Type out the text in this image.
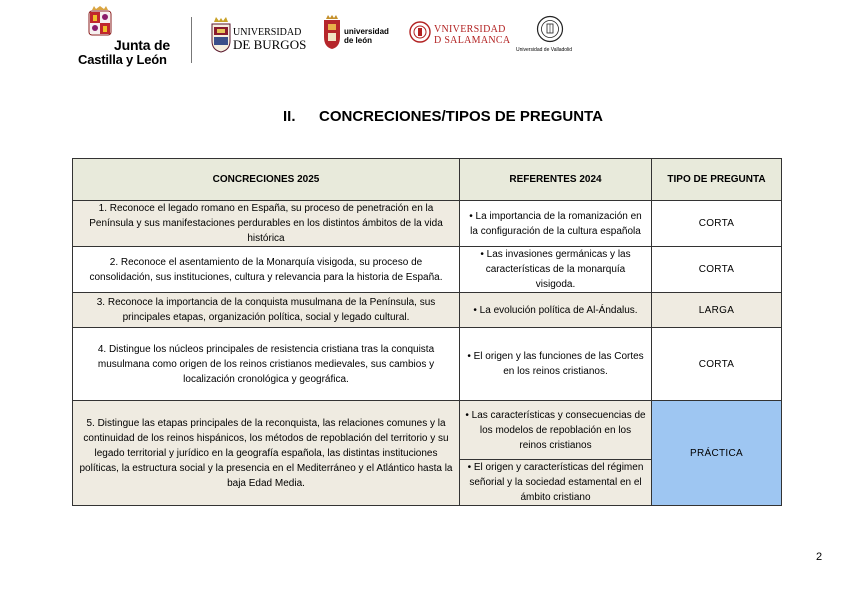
Junta de
Castilla y León
UNIVERSIDAD
DE BURGOS
universidad
de león
VNIVERSIDAD
D SALAMANCA
Universidad de Valladolid
II. CONCRECIONES/TIPOS DE PREGUNTA
CONCRECIONES 2025	REFERENTES 2024	TIPO DE PREGUNTA
1. Reconoce el legado romano en España, su proceso de penetración en la Península y sus manifestaciones perdurables en los distintos ámbitos de la vida histórica	• La importancia de la romanización en la configuración de la cultura española	CORTA
2. Reconoce el asentamiento de la Monarquía visigoda, su proceso de consolidación, sus instituciones, cultura y relevancia para la historia de España.	• Las invasiones germánicas y las características de la monarquía visigoda.	CORTA
3. Reconoce la importancia de la conquista musulmana de la Península, sus principales etapas, organización política, social y legado cultural.	• La evolución política de Al-Ándalus.	LARGA
4. Distingue los núcleos principales de resistencia cristiana tras la conquista musulmana como origen de los reinos cristianos medievales, sus cambios y localización cronológica y geográfica.	• El origen y las funciones de las Cortes en los reinos cristianos.	CORTA
5. Distingue las etapas principales de la reconquista, las relaciones comunes y la continuidad de los reinos hispánicos, los métodos de repoblación del territorio y su legado territorial y jurídico en la geografía española, las distintas instituciones políticas, la estructura social y la presencia en el Mediterráneo y el Atlántico hasta la baja Edad Media.	• Las características y consecuencias de los modelos de repoblación en los reinos cristianos	PRÁCTICA
	• El origen y características del régimen señorial y la sociedad estamental en el ámbito cristiano	
2
